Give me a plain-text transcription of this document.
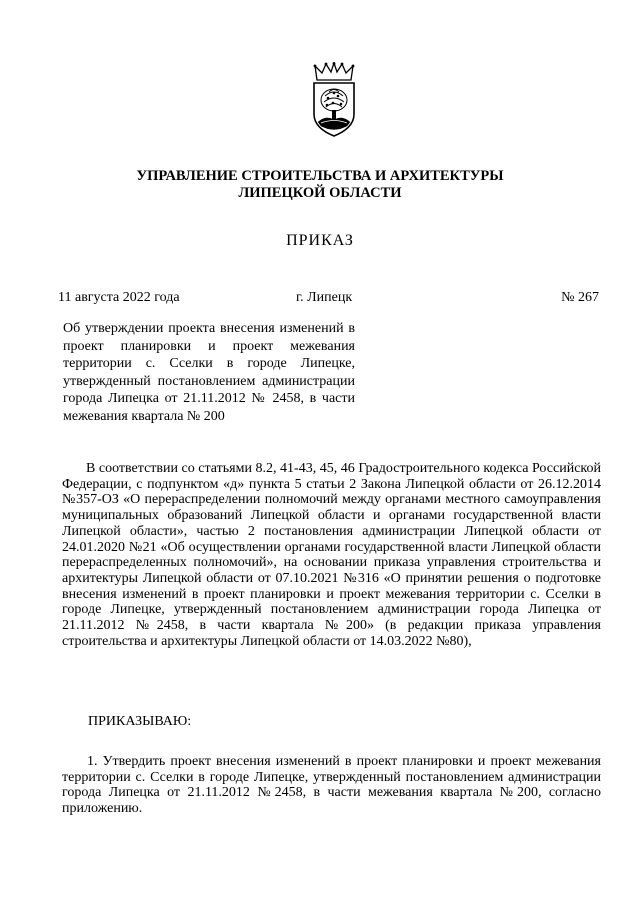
УПРАВЛЕНИЕ СТРОИТЕЛЬСТВА И АРХИТЕКТУРЫ
ЛИПЕЦКОЙ ОБЛАСТИ
ПРИКАЗ
11 августа 2022 года	г. Липецк	№ 267
Об утверждении проекта внесения изменений в проект планировки и проект межевания территории с. Сселки в городе Липецке, утвержденный постановлением администрации города Липецка от 21.11.2012 № 2458, в части межевания квартала № 200
В соответствии со статьями 8.2, 41-43, 45, 46 Градостроительного кодекса Российской Федерации, с подпунктом «д» пункта 5 статьи 2 Закона Липецкой области от 26.12.2014 №357-ОЗ «О перераспределении полномочий между органами местного самоуправления муниципальных образований Липецкой области и органами государственной власти Липецкой области», частью 2 постановления администрации Липецкой области от 24.01.2020 №21 «Об осуществлении органами государственной власти Липецкой области перераспределенных полномочий», на основании приказа управления строительства и архитектуры Липецкой области от 07.10.2021 №316 «О принятии решения о подготовке внесения изменений в проект планировки и проект межевания территории с. Сселки в городе Липецке, утвержденный постановлением администрации города Липецка от 21.11.2012 №2458, в части квартала №200» (в редакции приказа управления строительства и архитектуры Липецкой области от 14.03.2022 №80),
ПРИКАЗЫВАЮ:
1. Утвердить проект внесения изменений в проект планировки и проект межевания территории с. Сселки в городе Липецке, утвержденный постановлением администрации города Липецка от 21.11.2012 №2458, в части межевания квартала №200, согласно приложению.
